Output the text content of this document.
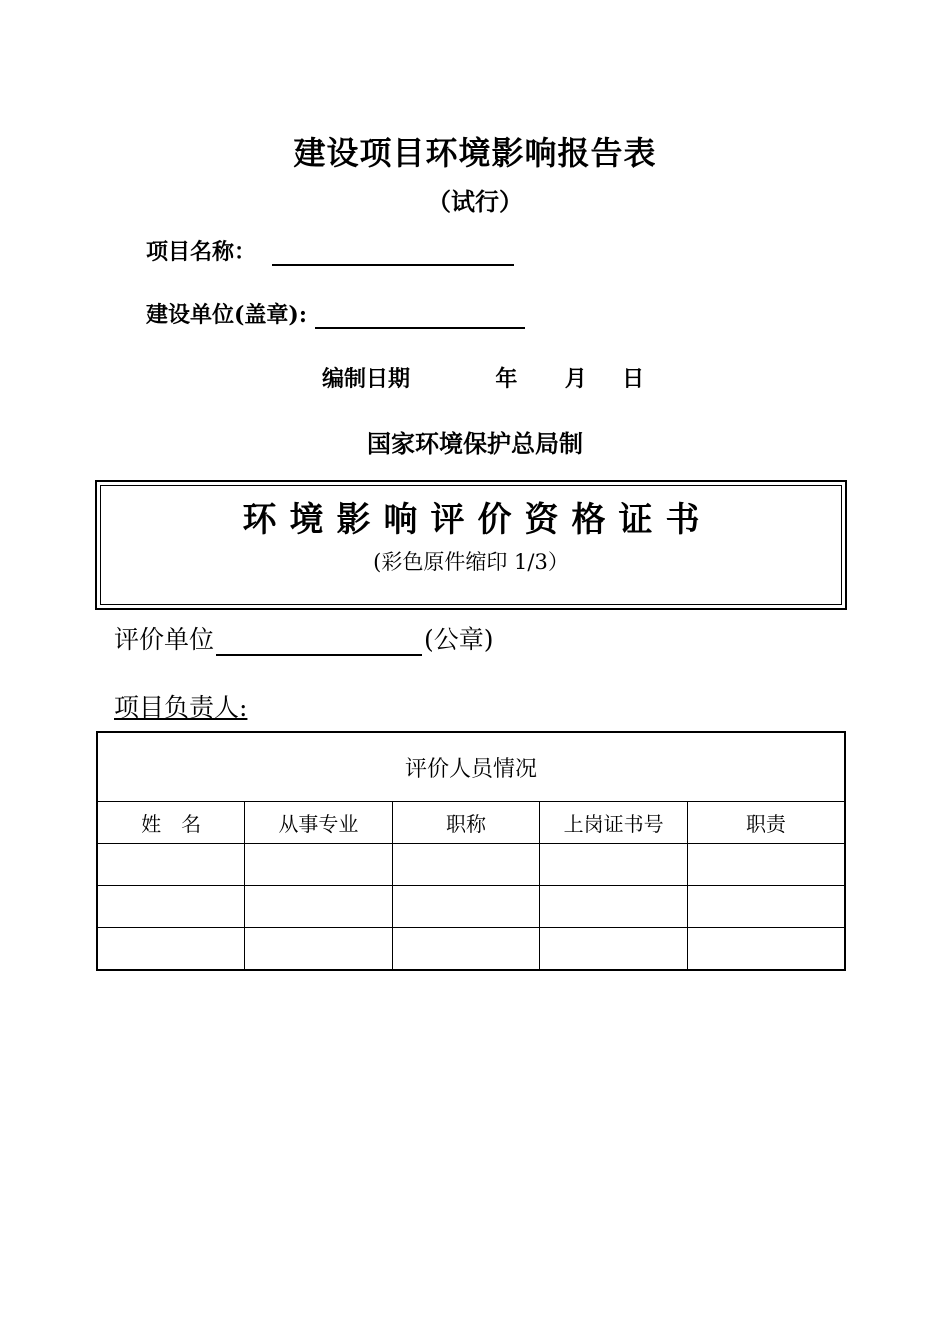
建设项目环境影响报告表
（试行）
项目名称：
建设单位(盖章):
编制日期	年 月 日
国家环境保护总局制
环境影响评价资格证书
(彩色原件缩印 1/3）
评价单位	(公章)
项目负责人:
评价人员情况				
姓　名	从事专业	职称	上岗证书号	职责
